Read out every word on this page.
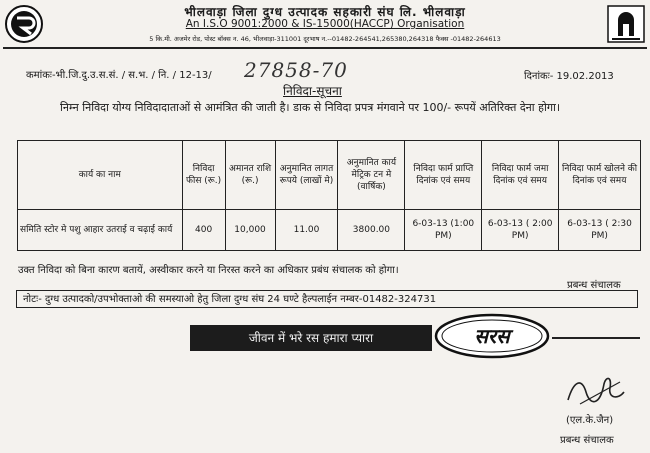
भीलवाड़ा जिला दुग्ध उत्पादक सहकारी संघ लि. भीलवाड़ा
An I.S.O 9001:2000 & IS-15000(HACCP) Organisation
5 कि.मी. अजमेर रोड, पोस्ट बॉक्स न. 46, भीलवाड़ा-311001 दूरभाष न.--01482-264541,265380,264318 फैक्स -01482-264613
कमांकः-भी.जि.दु.उ.स.सं. / स.भ. / नि. / 12-13/ 27858-70	दिनांकः- 19.02.2013
निविदा-सूचना
निम्न निविदा योग्य निविदादाताओं से आमंत्रित की जाती है। डाक से निविदा प्रपत्र मंगवाने पर 100/- रूपयें अतिरिक्त देना होगा।
कार्य का नाम	निविदा फीस (रू.)	अमानत राशि (रू.)	अनुमानित लागत रूपये (लाखों मे)	अनुमानित कार्य मेट्रिक टन मे (वार्षिक)	निविदा फार्म प्राप्ति दिनांक एवं समय	निविदा फार्म जमा दिनांक एवं समय	निविदा फार्म खोलने की दिनांक एवं समय
समिति स्टोर मे पशु आहार उतराई व चढ़ाई कार्य	400	10,000	11.00	3800.00	6-03-13 (1:00 PM)	6-03-13 ( 2:00 PM)	6-03-13 ( 2:30 PM)
उक्त निविदा को बिना कारण बतायें, अस्वीकार करने या निरस्त करने का अधिकार प्रबंध संचालक को होगा।
प्रबन्ध संचालक
नोटः- दुग्ध उत्पादको/उपभोक्ताओ की समस्याओ हेतु जिला दुग्ध संघ 24 घण्टे हैल्पलाईन नम्बर-01482-324731
जीवन में भरे रस हमारा प्यारा	सरस
(एल.के.जैन)
प्रबन्ध संचालक
